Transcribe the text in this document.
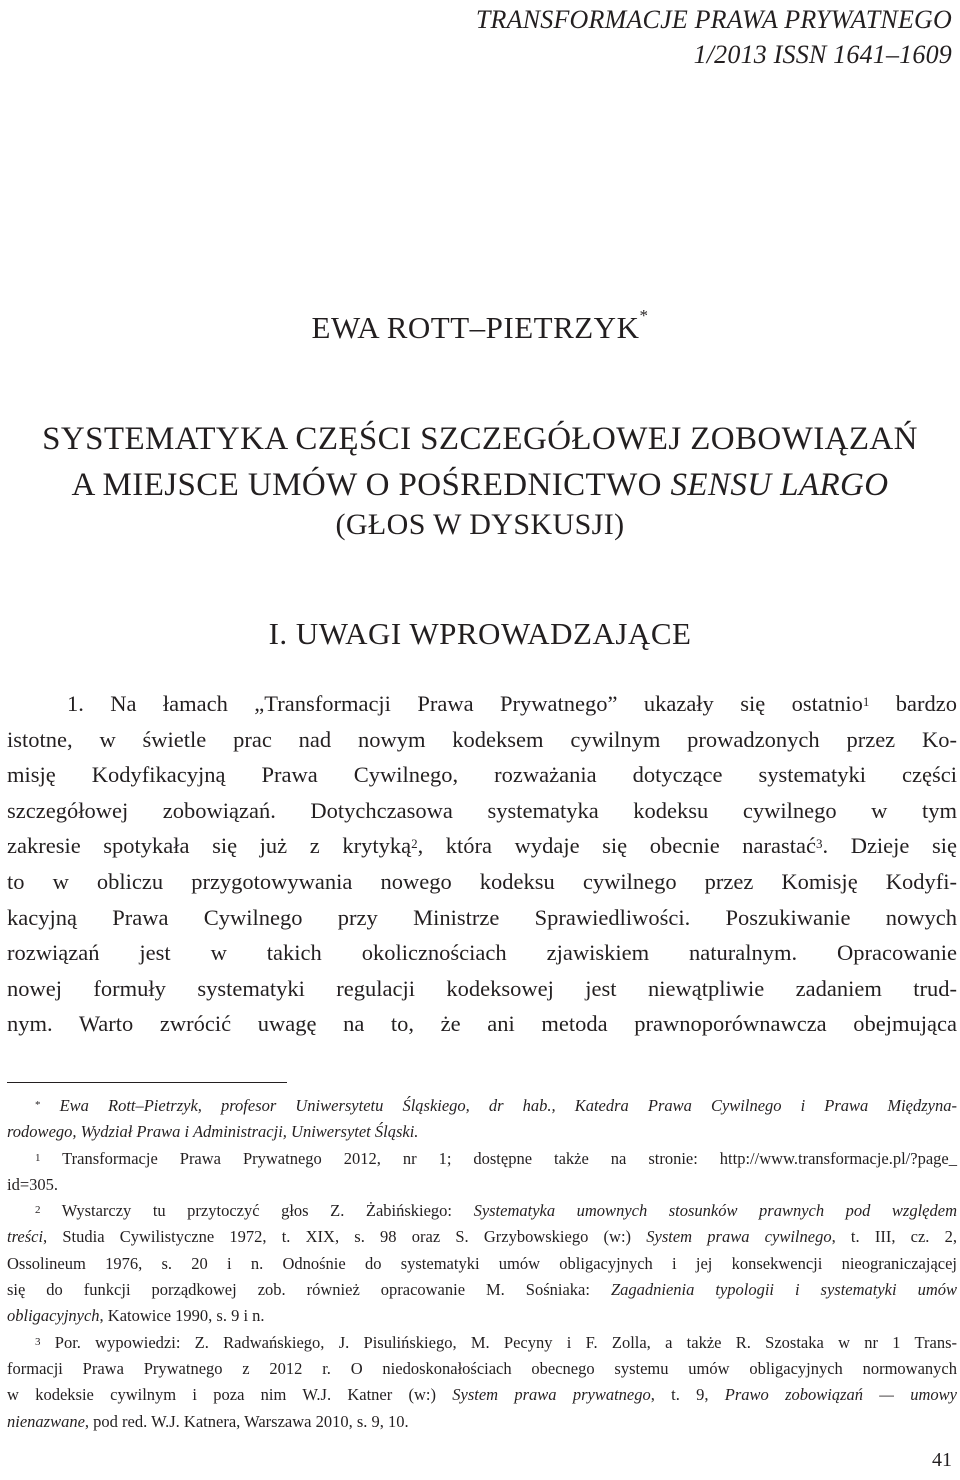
TRANSFORMACJE PRAWA PRYWATNEGO
1/2013 ISSN 1641–1609
EWA ROTT–PIETRZYK*
SYSTEMATYKA CZĘŚCI SZCZEGÓŁOWEJ ZOBOWIĄZAŃ
A MIEJSCE UMÓW O POŚREDNICTWO SENSU LARGO
(GŁOS W DYSKUSJI)
I. UWAGI WPROWADZAJĄCE
1. Na łamach „Transformacji Prawa Prywatnego” ukazały się ostatnio$^1$ bardzo
istotne, w świetle prac nad nowym kodeksem cywilnym prowadzonych przez Ko-
misję Kodyfikacyjną Prawa Cywilnego, rozważania dotyczące systematyki części
szczegółowej zobowiązań. Dotychczasowa systematyka kodeksu cywilnego w tym
zakresie spotykała się już z krytyką$^2$, która wydaje się obecnie narastać$^3$. Dzieje się
to w obliczu przygotowywania nowego kodeksu cywilnego przez Komisję Kodyfi-
kacyjną Prawa Cywilnego przy Ministrze Sprawiedliwości. Poszukiwanie nowych
rozwiązań jest w takich okolicznościach zjawiskiem naturalnym. Opracowanie
nowej formuły systematyki regulacji kodeksowej jest niewątpliwie zadaniem trud-
nym. Warto zwrócić uwagę na to, że ani metoda prawnoporównawcza obejmująca
* Ewa Rott–Pietrzyk, profesor Uniwersytetu Śląskiego, dr hab., Katedra Prawa Cywilnego i Prawa Międzyna-
rodowego, Wydział Prawa i Administracji, Uniwersytet Śląski.
$^1$ Transformacje Prawa Prywatnego 2012, nr 1; dostępne także na stronie: http://www.transformacje.pl/?page_
id=305.
$^2$ Wystarczy tu przytoczyć głos Z. Żabińskiego: Systematyka umownych stosunków prawnych pod względem
treści, Studia Cywilistyczne 1972, t. XIX, s. 98 oraz S. Grzybowskiego (w:) System prawa cywilnego, t. III, cz. 2,
Ossolineum 1976, s. 20 i n. Odnośnie do systematyki umów obligacyjnych i jej konsekwencji nieograniczającej
się do funkcji porządkowej zob. również opracowanie M. Sośniaka: Zagadnienia typologii i systematyki umów
obligacyjnych, Katowice 1990, s. 9 i n.
$^3$ Por. wypowiedzi: Z. Radwańskiego, J. Pisulińskiego, M. Pecyny i F. Zolla, a także R. Szostaka w nr 1 Trans-
formacji Prawa Prywatnego z 2012 r. O niedoskonałościach obecnego systemu umów obligacyjnych normowanych
w kodeksie cywilnym i poza nim W.J. Katner (w:) System prawa prywatnego, t. 9, Prawo zobowiązań — umowy
nienazwane, pod red. W.J. Katnera, Warszawa 2010, s. 9, 10.
41
